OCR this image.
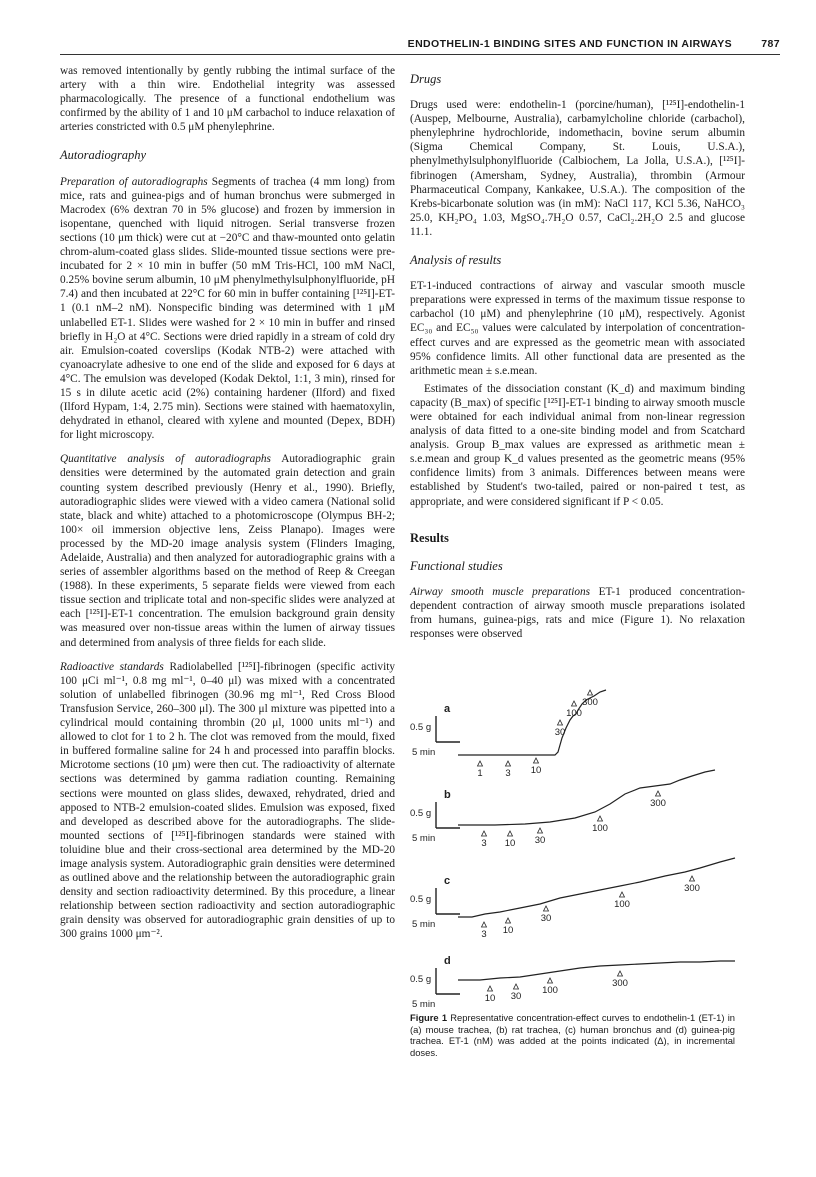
ENDOTHELIN-1 BINDING SITES AND FUNCTION IN AIRWAYS	787

was removed intentionally by gently rubbing the intimal surface of the artery with a thin wire. Endothelial integrity was assessed pharmacologically. The presence of a functional endothelium was confirmed by the ability of 1 and 10 μM carbachol to induce relaxation of arteries constricted with 0.5 μM phenylephrine.

Autoradiography

Preparation of autoradiographs Segments of trachea (4 mm long) from mice, rats and guinea-pigs and of human bronchus were submerged in Macrodex (6% dextran 70 in 5% glucose) and frozen by immersion in isopentane, quenched with liquid nitrogen. Serial transverse frozen sections (10 μm thick) were cut at −20°C and thaw-mounted onto gelatin chrom-alum-coated glass slides. Slide-mounted tissue sections were pre-incubated for 2 × 10 min in buffer (50 mM Tris-HCl, 100 mM NaCl, 0.25% bovine serum albumin, 10 μM phenylmethylsulphonylfluoride, pH 7.4) and then incubated at 22°C for 60 min in buffer containing [¹²⁵I]-ET-1 (0.1 nM–2 nM). Nonspecific binding was determined with 1 μM unlabelled ET-1. Slides were washed for 2 × 10 min in buffer and rinsed briefly in H₂O at 4°C. Sections were dried rapidly in a stream of cold dry air. Emulsion-coated coverslips (Kodak NTB-2) were attached with cyanoacrylate adhesive to one end of the slide and exposed for 6 days at 4°C. The emulsion was developed (Kodak Dektol, 1:1, 3 min), rinsed for 15 s in dilute acetic acid (2%) containing hardener (Ilford) and fixed (Ilford Hypam, 1:4, 2.75 min). Sections were stained with haematoxylin, dehydrated in ethanol, cleared with xylene and mounted (Depex, BDH) for light microscopy.

Quantitative analysis of autoradiographs Autoradiographic grain densities were determined by the automated grain detection and grain counting system described previously (Henry et al., 1990). Briefly, autoradiographic slides were viewed with a video camera (National solid state, black and white) attached to a photomicroscope (Olympus BH-2; 100× oil immersion objective lens, Zeiss Planapo). Images were processed by the MD-20 image analysis system (Flinders Imaging, Adelaide, Australia) and then analyzed for autoradiographic grains with a series of assembler algorithms based on the method of Reep & Creegan (1988). In these experiments, 5 separate fields were viewed from each tissue section and triplicate total and non-specific slides were analyzed at each [¹²⁵I]-ET-1 concentration. The emulsion background grain density was measured over non-tissue areas within the lumen of airway tissues and determined from analysis of three fields for each slide.

Radioactive standards Radiolabelled [¹²⁵I]-fibrinogen (specific activity 100 μCi ml⁻¹, 0.8 mg ml⁻¹, 0–40 μl) was mixed with a concentrated solution of unlabelled fibrinogen (30.96 mg ml⁻¹, Red Cross Blood Transfusion Service, 260–300 μl). The 300 μl mixture was pipetted into a cylindrical mould containing thrombin (20 μl, 1000 units ml⁻¹) and allowed to clot for 1 to 2 h. The clot was removed from the mould, fixed in buffered formaline saline for 24 h and processed into paraffin blocks. Microtome sections (10 μm) were then cut. The radioactivity of alternate sections was determined by gamma radiation counting. Remaining sections were mounted on glass slides, dewaxed, rehydrated, dried and apposed to NTB-2 emulsion-coated slides. Emulsion was exposed, fixed and developed as described above for the autoradiographs. The slide-mounted sections of [¹²⁵I]-fibrinogen standards were stained with toluidine blue and their cross-sectional area determined by the MD-20 image analysis system. Autoradiographic grain densities were determined as outlined above and the relationship between the autoradiographic grain density and section radioactivity determined. By this procedure, a linear relationship between section radioactivity and section autoradiographic grain density was observed for autoradiographic grain densities of up to 300 grains 1000 μm⁻².

Drugs

Drugs used were: endothelin-1 (porcine/human), [¹²⁵I]-endothelin-1 (Auspep, Melbourne, Australia), carbamylcholine chloride (carbachol), phenylephrine hydrochloride, indomethacin, bovine serum albumin (Sigma Chemical Company, St. Louis, U.S.A.), phenylmethylsulphonylfluoride (Calbiochem, La Jolla, U.S.A.), [¹²⁵I]-fibrinogen (Amersham, Sydney, Australia), thrombin (Armour Pharmaceutical Company, Kankakee, U.S.A.). The composition of the Krebs-bicarbonate solution was (in mM): NaCl 117, KCl 5.36, NaHCO₃ 25.0, KH₂PO₄ 1.03, MgSO₄.7H₂O 0.57, CaCl₂.2H₂O 2.5 and glucose 11.1.

Analysis of results

ET-1-induced contractions of airway and vascular smooth muscle preparations were expressed in terms of the maximum tissue response to carbachol (10 μM) and phenylephrine (10 μM), respectively. Agonist EC₃₀ and EC₅₀ values were calculated by interpolation of concentration-effect curves and are expressed as the geometric mean with associated 95% confidence limits. All other functional data are presented as the arithmetic mean ± s.e.mean.

Estimates of the dissociation constant (K_d) and maximum binding capacity (B_max) of specific [¹²⁵I]-ET-1 binding to airway smooth muscle were obtained for each individual animal from non-linear regression analysis of data fitted to a one-site binding model and from Scatchard analysis. Group B_max values are expressed as arithmetic mean ± s.e.mean and group K_d values presented as the geometric means (95% confidence limits) from 3 animals. Differences between means were established by Student's two-tailed, paired or non-paired t test, as appropriate, and were considered significant if P < 0.05.

Results
Functional studies

Airway smooth muscle preparations ET-1 produced concentration-dependent contraction of airway smooth muscle preparations isolated from humans, guinea-pigs, rats and mice (Figure 1). No relaxation responses were observed

a
0.5 g
5 min
1 3 10
30
100
300
b
0.5 g
5 min	3 10 30
100
300
c
0.5 g
5 min
3 10
30
100
300
d
0.5 g
5 min
10 30
100
300
Figure 1 Representative concentration-effect curves to endothelin-1 (ET-1) in (a) mouse trachea, (b) rat trachea, (c) human bronchus and (d) guinea-pig trachea. ET-1 (nM) was added at the points indicated (Δ), in incremental doses.
